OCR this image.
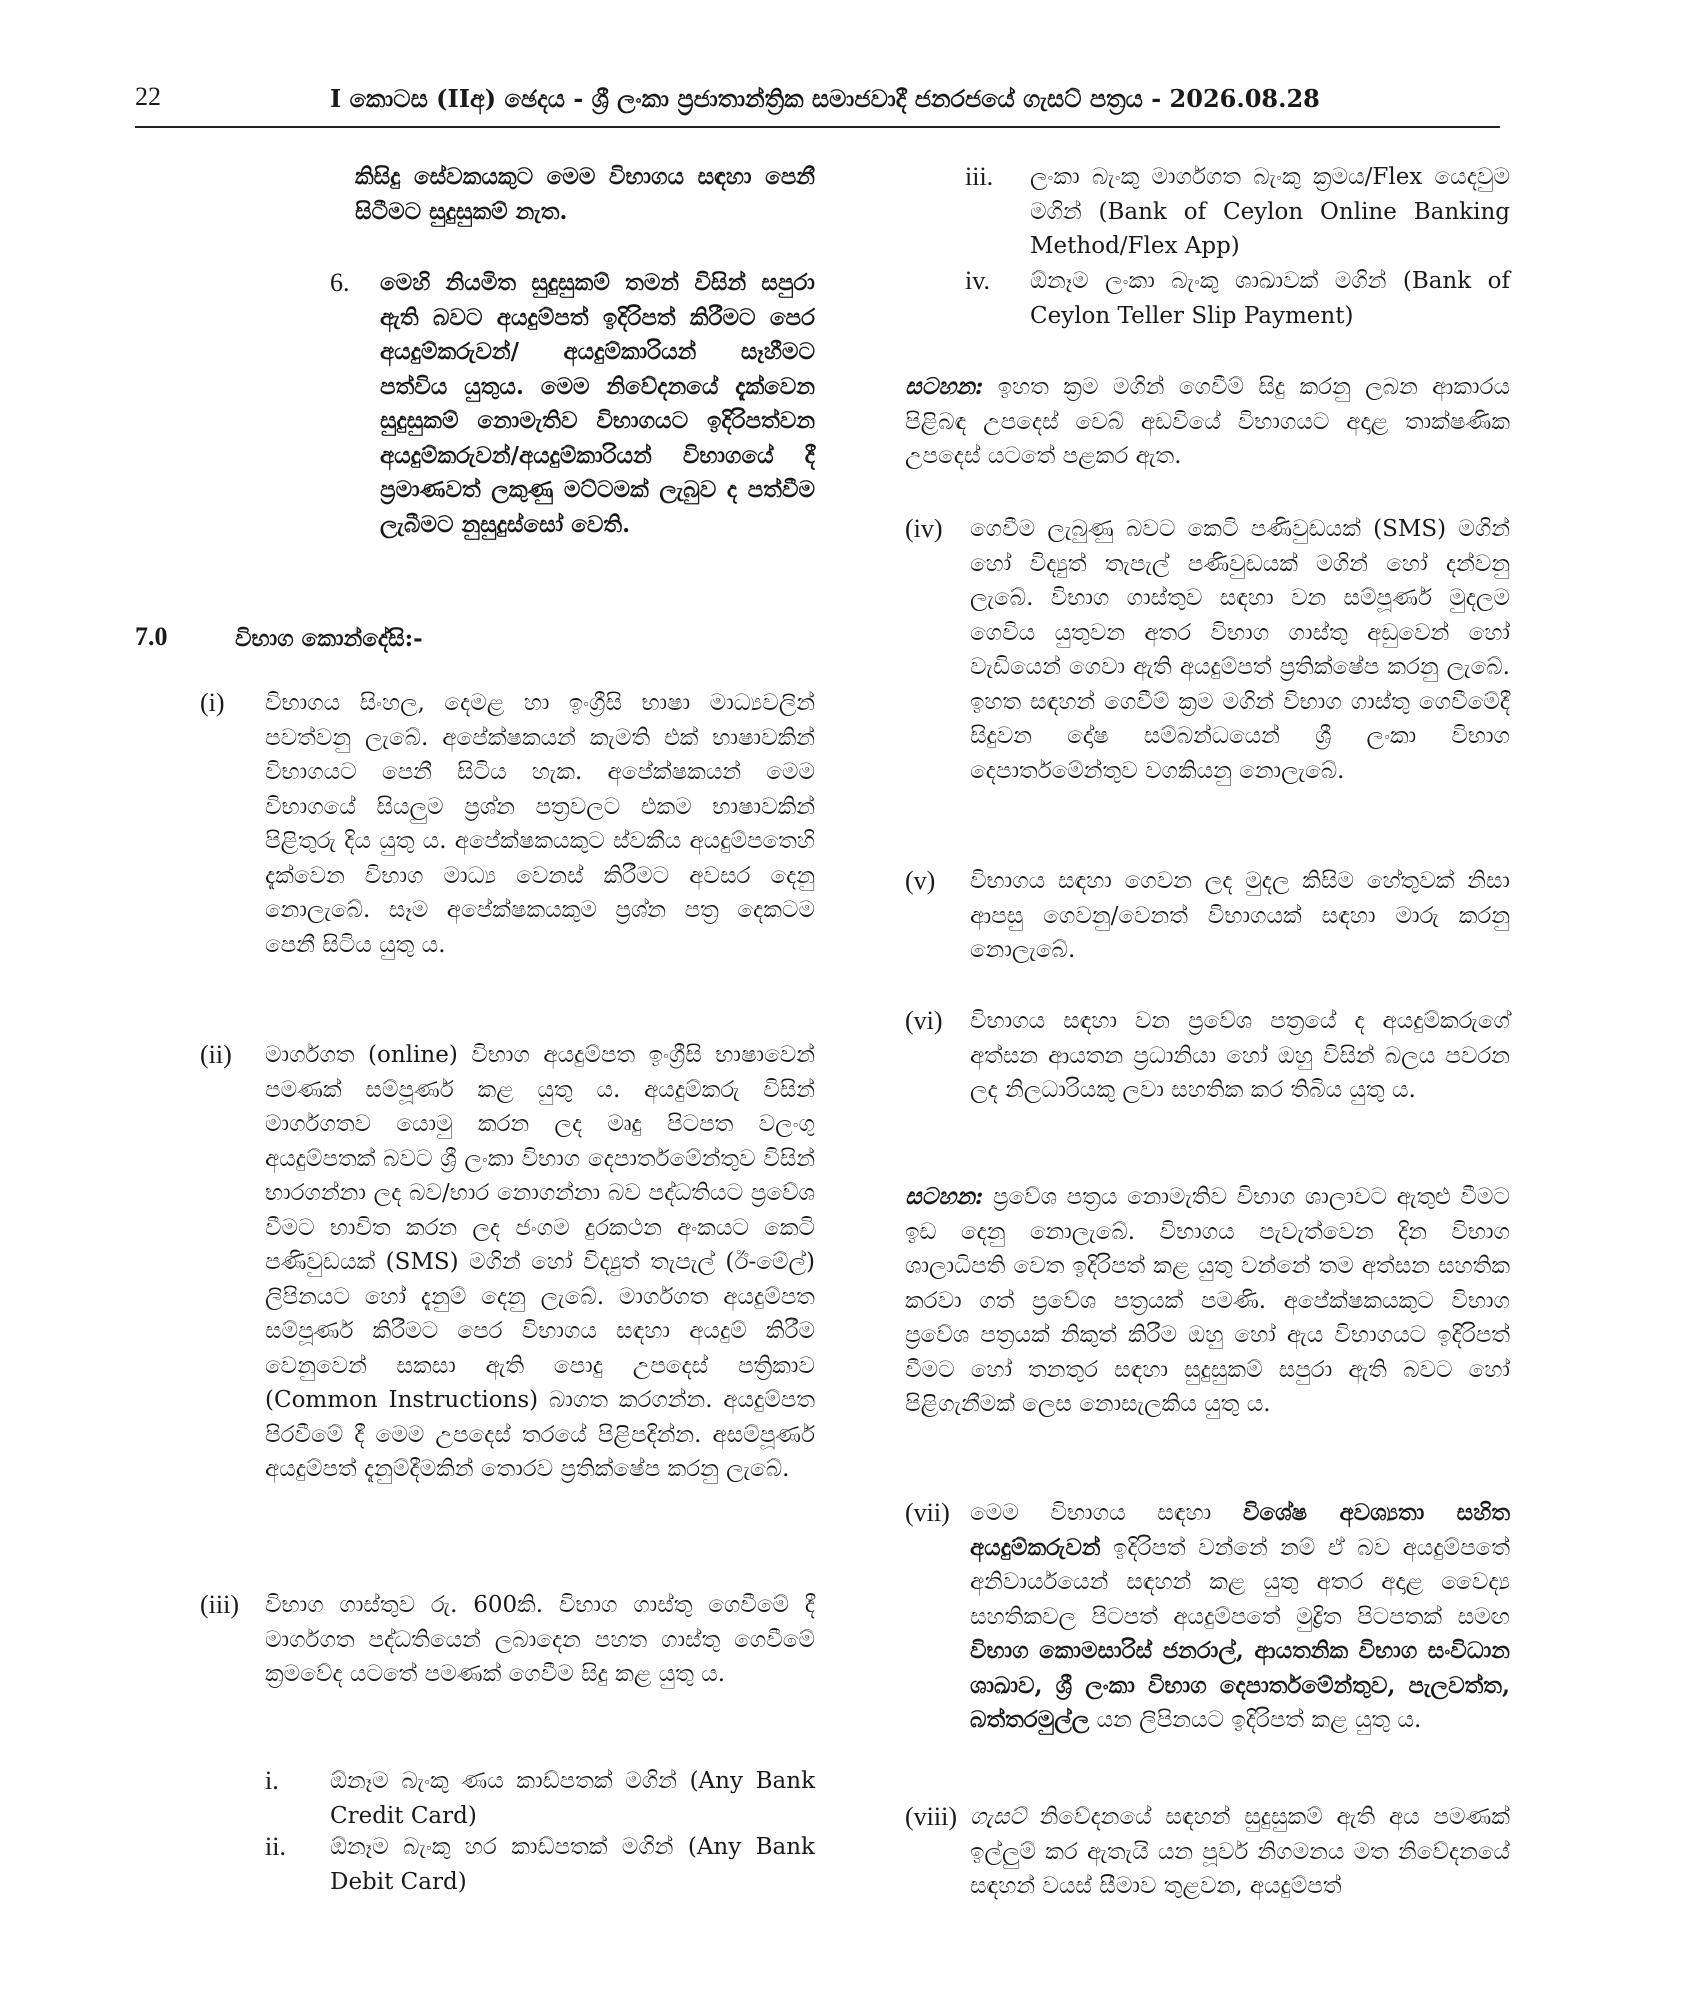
22	I කොටස (IIඅ) ඡෙදය - ශ්‍රී ලංකා ප්‍රජාතාන්ත්‍රික සමාජවාදී ජනරජයේ ගැසට් පත්‍රය - 2026.08.28

කිසිදු සේවකයකුට මෙම විභාගය සඳහා පෙනී සිටීමට සුදුසුකම් නැත.

6. මෙහි නියමිත සුදුසුකම් තමන් විසින් සපුරා ඇති බවට අයදුම්පත් ඉදිරිපත් කිරීමට පෙර අයදුම්කරුවන්/ අයදුම්කාරියන් සෑහීමට පත්විය යුතුය. මෙම නිවේදනයේ දැක්වෙන සුදුසුකම් නොමැතිව විභාගයට ඉදිරිපත්වන අයදුම්කරුවන්/අයදුම්කාරියන් විභාගයේ දී ප්‍රමාණවත් ලකුණු මට්ටමක් ලැබුව ද පත්වීම ලැබීමට නුසුදුස්සෝ වෙති.

7.0	විභාග කොන්දේසි:-
(i) විභාගය සිංහල, දෙමළ හා ඉංග්‍රීසි භාෂා මාධ්‍යවලින් පවත්වනු ලැබේ. අපේක්ෂකයන් කැමති එක් භාෂාවකින් විභාගයට පෙනී සිටිය හැක. අපේක්ෂකයන් මෙම විභාගයේ සියලුම ප්‍රශ්න පත්‍රවලට එකම භාෂාවකින් පිළිතුරු දිය යුතු ය. අපේක්ෂකයකුට ස්වකීය අයදුම්පතෙහි දැක්වෙන විභාග මාධ්‍ය වෙනස් කිරීමට අවසර දෙනු නොලැබේ. සෑම අපේක්ෂකයකුම ප්‍රශ්න පත්‍ර දෙකටම පෙනී සිටිය යුතු ය.

(ii) මාර්ගගත (online) විභාග අයදුම්පත ඉංග්‍රීසි භාෂාවෙන් පමණක් සම්පූර්ණ කළ යුතු ය. අයදුම්කරු විසින් මාර්ගගතව යොමු කරන ලද මෘදු පිටපත වලංගු අයදුම්පතක් බවට ශ්‍රී ලංකා විභාග දෙපාර්තමේන්තුව විසින් භාරගන්නා ලද බව/භාර නොගන්නා බව පද්ධතියට ප්‍රවේශ වීමට භාවිත කරන ලද ජංගම දුරකථන අංකයට කෙටි පණිවුඩයක් (SMS) මගින් හෝ විද්‍යුත් තැපැල් (ඊ-මේල්) ලිපිනයට හෝ දැනුම් දෙනු ලැබේ. මාර්ගගත අයදුම්පත සම්පූර්ණ කිරීමට පෙර විභාගය සඳහා අයදුම් කිරීම වෙනුවෙන් සකසා ඇති පොදු උපදෙස් පත්‍රිකාව (Common Instructions) බාගත කරගන්න. අයදුම්පත පිරවීමේ දී මෙම උපදෙස් තරයේ පිළිපදින්න. අසම්පූර්ණ අයදුම්පත් දැනුම්දීමකින් තොරව ප්‍රතික්ෂේප කරනු ලැබේ.

(iii) විභාග ගාස්තුව රු. 600කි. විභාග ගාස්තු ගෙවීමේ දී මාර්ගගත පද්ධතියෙන් ලබාදෙන පහත ගාස්තු ගෙවීමේ ක්‍රමවේද යටතේ පමණක් ගෙවීම සිදු කළ යුතු ය.

i. ඕනෑම බැංකු ණය කාඩ්පතක් මගින් (Any Bank Credit Card)

ii. ඕනෑම බැංකු හර කාඩ්පතක් මගින් (Any Bank Debit Card)

iii. ලංකා බැංකු මාර්ගගත බැංකු ක්‍රමය/Flex යෙදවුම මගින් (Bank of Ceylon Online Banking Method/Flex App)

iv. ඕනෑම ලංකා බැංකු ශාඛාවක් මගින් (Bank of Ceylon Teller Slip Payment)

සටහන: ඉහත ක්‍රම මගින් ගෙවීම් සිදු කරනු ලබන ආකාරය පිළිබඳ උපදෙස් වෙබ් අඩවියේ විභාගයට අදාළ තාක්ෂණික උපදෙස් යටතේ පළකර ඇත.

(iv) ගෙවීම ලැබුණු බවට කෙටි පණිවුඩයක් (SMS) මගින් හෝ විද්‍යුත් තැපැල් පණිවුඩයක් මගින් හෝ දන්වනු ලැබේ. විභාග ගාස්තුව සඳහා වන සම්පූර්ණ මුදලම ගෙවිය යුතුවන අතර විභාග ගාස්තු අඩුවෙන් හෝ වැඩියෙන් ගෙවා ඇති අයදුම්පත් ප්‍රතික්ෂේප කරනු ලැබේ. ඉහත සඳහන් ගෙවීම් ක්‍රම මගින් විභාග ගාස්තු ගෙවීමේදී සිදුවන දෝෂ සම්බන්ධයෙන් ශ්‍රී ලංකා විභාග දෙපාර්තමේන්තුව වගකියනු නොලැබේ.

(v) විභාගය සඳහා ගෙවන ලද මුදල කිසිම හේතුවක් නිසා ආපසු ගෙවනු/වෙනත් විභාගයක් සඳහා මාරු කරනු නොලැබේ.

(vi) විභාගය සඳහා වන ප්‍රවේශ පත්‍රයේ ද අයදුම්කරුගේ අත්සන ආයතන ප්‍රධානියා හෝ ඔහු විසින් බලය පවරන ලද නිලධාරියකු ලවා සහතික කර තිබිය යුතු ය.

සටහන: ප්‍රවේශ පත්‍රය නොමැතිව විභාග ශාලාවට ඇතුළු වීමට ඉඩ දෙනු නොලැබේ. විභාගය පැවැත්වෙන දින විභාග ශාලාධිපති වෙත ඉදිරිපත් කළ යුතු වන්නේ තම අත්සන සහතික කරවා ගත් ප්‍රවේශ පත්‍රයක් පමණි. අපේක්ෂකයකුට විභාග ප්‍රවේශ පත්‍රයක් නිකුත් කිරීම ඔහු හෝ ඇය විභාගයට ඉදිරිපත් වීමට හෝ තනතුර සඳහා සුදුසුකම් සපුරා ඇති බවට හෝ පිළිගැනීමක් ලෙස නොසැලකිය යුතු ය.

(vii) මෙම විභාගය සඳහා විශේෂ අවශ්‍යතා සහිත අයදුම්කරුවන් ඉදිරිපත් වන්නේ නම් ඒ බව අයදුම්පතේ අනිවාර්යයෙන් සඳහන් කළ යුතු අතර අදාළ වෛද්‍ය සහතිකවල පිටපත් අයදුම්පතේ මුද්‍රිත පිටපතක් සමඟ විභාග කොමසාරිස් ජනරාල්, ආයතනික විභාග සංවිධාන ශාඛාව, ශ්‍රී ලංකා විභාග දෙපාර්තමේන්තුව, පැලවත්ත, බත්තරමුල්ල යන ලිපිනයට ඉදිරිපත් කළ යුතු ය.

(viii) ගැසට් නිවේදනයේ සඳහන් සුදුසුකම් ඇති අය පමණක් ඉල්ලුම් කර ඇතැයි යන පූර්ව නිගමනය මත නිවේදනයේ සඳහන් වයස් සීමාව තුළවන, අයදුම්පත්
